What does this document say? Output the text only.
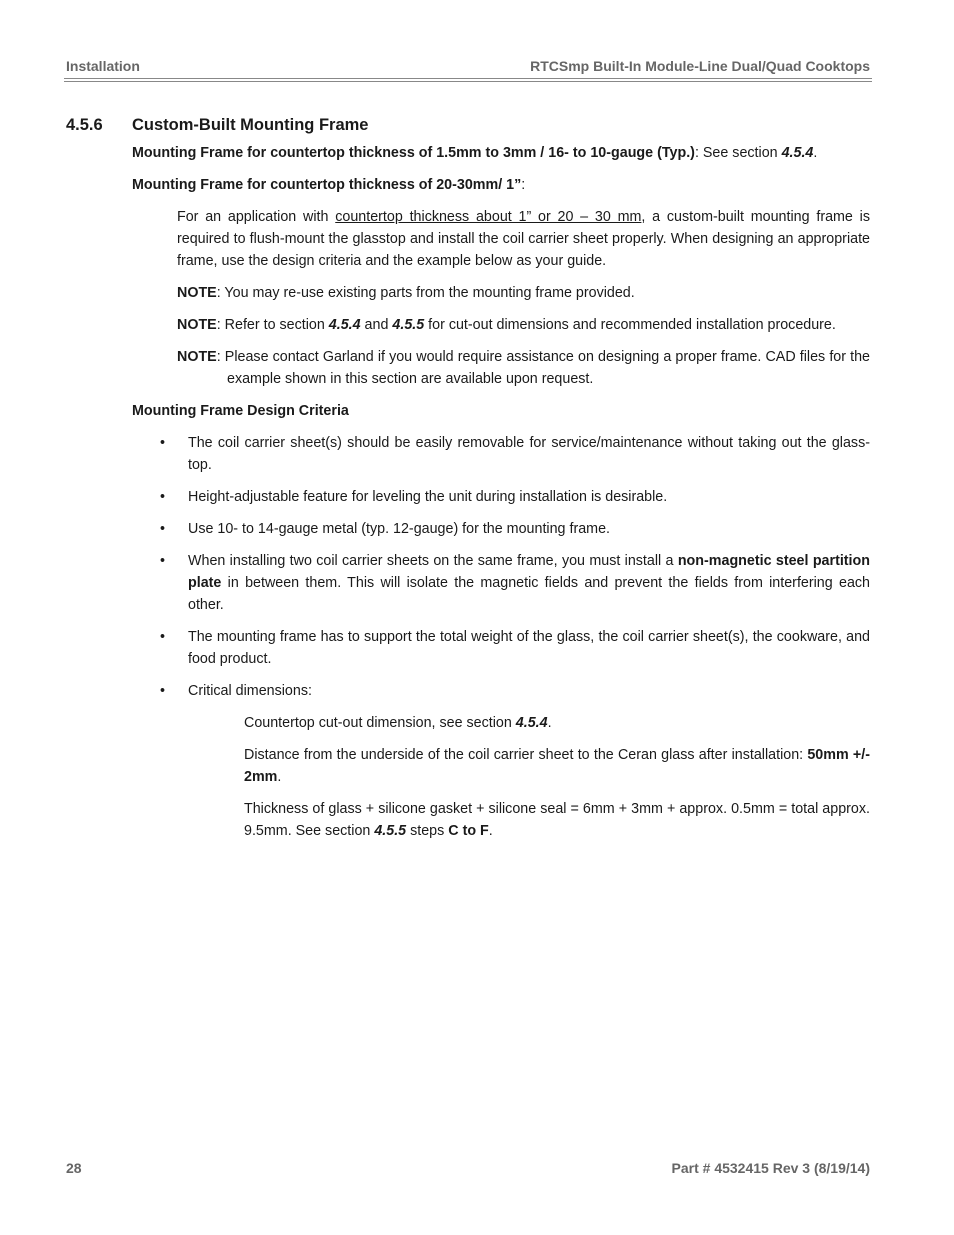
Installation	RTCSmp Built-In Module-Line Dual/Quad Cooktops
4.5.6	Custom-Built Mounting Frame

Mounting Frame for countertop thickness of 1.5mm to 3mm / 16- to 10-gauge (Typ.): See section 4.5.4.

Mounting Frame for countertop thickness of 20-30mm/ 1”:

For an application with countertop thickness about 1” or 20 – 30 mm, a custom-built mounting frame is required to flush-mount the glasstop and install the coil carrier sheet properly. When designing an appropriate frame, use the design criteria and the example below as your guide.

NOTE: You may re-use existing parts from the mounting frame provided.

NOTE: Refer to section 4.5.4 and 4.5.5 for cut-out dimensions and recommended installation procedure.

NOTE: Please contact Garland if you would require assistance on designing a proper frame. CAD files for the example shown in this section are available upon request.

Mounting Frame Design Criteria

• The coil carrier sheet(s) should be easily removable for service/maintenance without taking out the glass-top.
• Height-adjustable feature for leveling the unit during installation is desirable.
• Use 10- to 14-gauge metal (typ. 12-gauge) for the mounting frame.
• When installing two coil carrier sheets on the same frame, you must install a non-magnetic steel partition plate in between them. This will isolate the magnetic fields and prevent the fields from interfering each other.
• The mounting frame has to support the total weight of the glass, the coil carrier sheet(s), the cookware, and food product.
• Critical dimensions:

Countertop cut-out dimension, see section 4.5.4.

Distance from the underside of the coil carrier sheet to the Ceran glass after installation: 50mm +/- 2mm.

Thickness of glass + silicone gasket + silicone seal = 6mm + 3mm + approx. 0.5mm = total approx. 9.5mm. See section 4.5.5 steps C to F.

28	Part # 4532415 Rev 3 (8/19/14)
